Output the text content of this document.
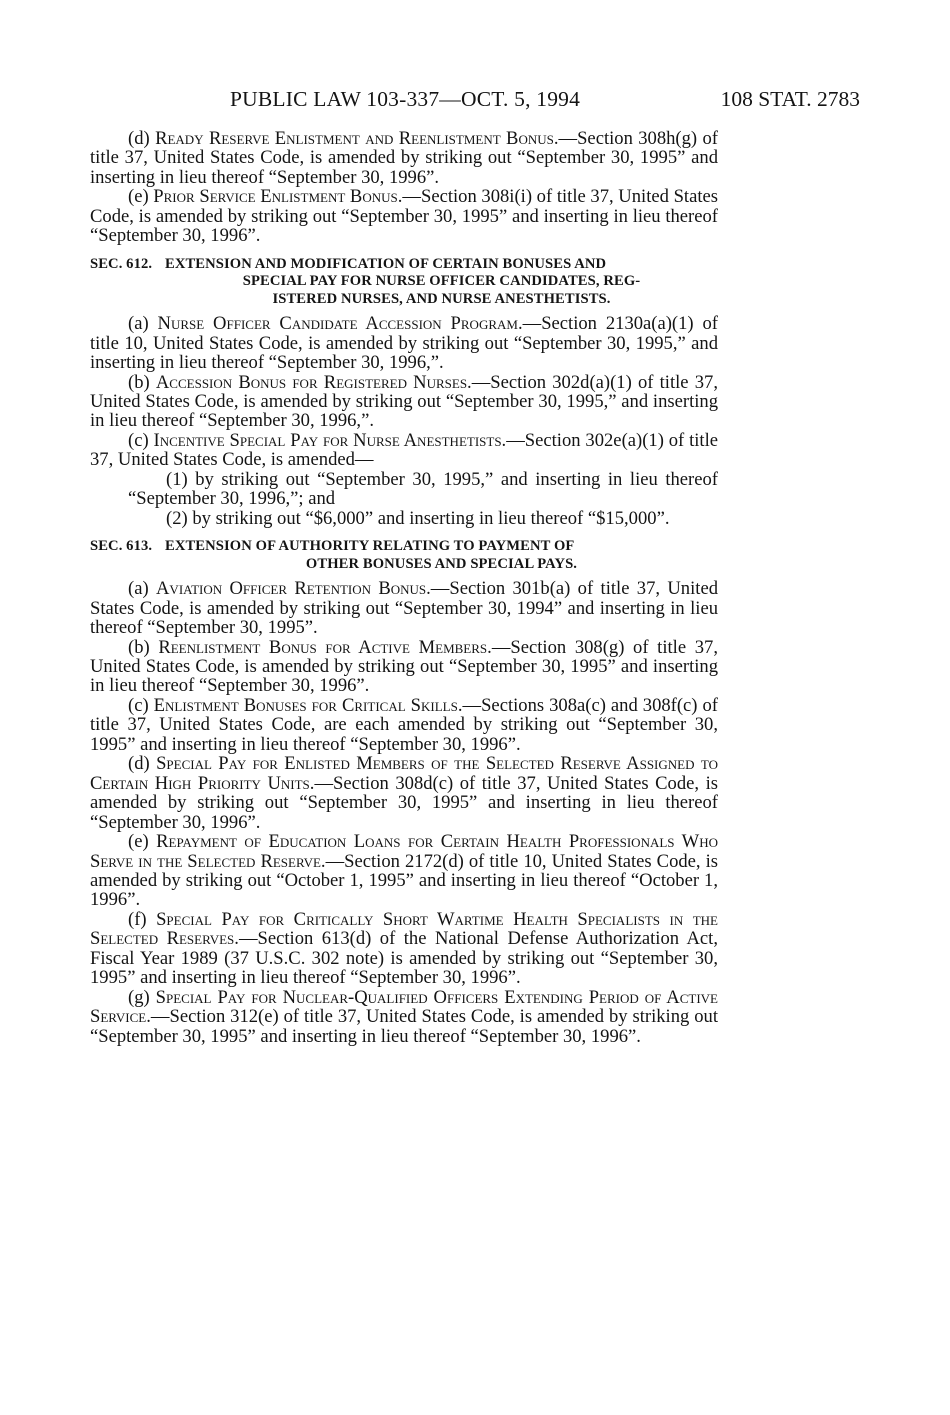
PUBLIC LAW 103-337—OCT. 5, 1994	108 STAT. 2783

(d) Ready Reserve Enlistment and Reenlistment Bonus.—Section 308h(g) of title 37, United States Code, is amended by striking out “September 30, 1995” and inserting in lieu thereof “September 30, 1996”.

(e) Prior Service Enlistment Bonus.—Section 308i(i) of title 37, United States Code, is amended by striking out “September 30, 1995” and inserting in lieu thereof “September 30, 1996”.

SEC. 612. EXTENSION AND MODIFICATION OF CERTAIN BONUSES AND
SPECIAL PAY FOR NURSE OFFICER CANDIDATES, REG-
ISTERED NURSES, AND NURSE ANESTHETISTS.

(a) Nurse Officer Candidate Accession Program.—Section 2130a(a)(1) of title 10, United States Code, is amended by striking out “September 30, 1995,” and inserting in lieu thereof “September 30, 1996,”.

(b) Accession Bonus for Registered Nurses.—Section 302d(a)(1) of title 37, United States Code, is amended by striking out “September 30, 1995,” and inserting in lieu thereof “September 30, 1996,”.

(c) Incentive Special Pay for Nurse Anesthetists.—Section 302e(a)(1) of title 37, United States Code, is amended—

(1) by striking out “September 30, 1995,” and inserting in lieu thereof “September 30, 1996,”; and

(2) by striking out “$6,000” and inserting in lieu thereof “$15,000”.

SEC. 613. EXTENSION OF AUTHORITY RELATING TO PAYMENT OF
OTHER BONUSES AND SPECIAL PAYS.

(a) Aviation Officer Retention Bonus.—Section 301b(a) of title 37, United States Code, is amended by striking out “September 30, 1994” and inserting in lieu thereof “September 30, 1995”.

(b) Reenlistment Bonus for Active Members.—Section 308(g) of title 37, United States Code, is amended by striking out “September 30, 1995” and inserting in lieu thereof “September 30, 1996”.

(c) Enlistment Bonuses for Critical Skills.—Sections 308a(c) and 308f(c) of title 37, United States Code, are each amended by striking out “September 30, 1995” and inserting in lieu thereof “September 30, 1996”.

(d) Special Pay for Enlisted Members of the Selected Reserve Assigned to Certain High Priority Units.—Section 308d(c) of title 37, United States Code, is amended by striking out “September 30, 1995” and inserting in lieu thereof “September 30, 1996”.

(e) Repayment of Education Loans for Certain Health Professionals Who Serve in the Selected Reserve.—Section 2172(d) of title 10, United States Code, is amended by striking out “October 1, 1995” and inserting in lieu thereof “October 1, 1996”.

(f) Special Pay for Critically Short Wartime Health Specialists in the Selected Reserves.—Section 613(d) of the National Defense Authorization Act, Fiscal Year 1989 (37 U.S.C. 302 note) is amended by striking out “September 30, 1995” and inserting in lieu thereof “September 30, 1996”.

(g) Special Pay for Nuclear-Qualified Officers Extending Period of Active Service.—Section 312(e) of title 37, United States Code, is amended by striking out “September 30, 1995” and inserting in lieu thereof “September 30, 1996”.
